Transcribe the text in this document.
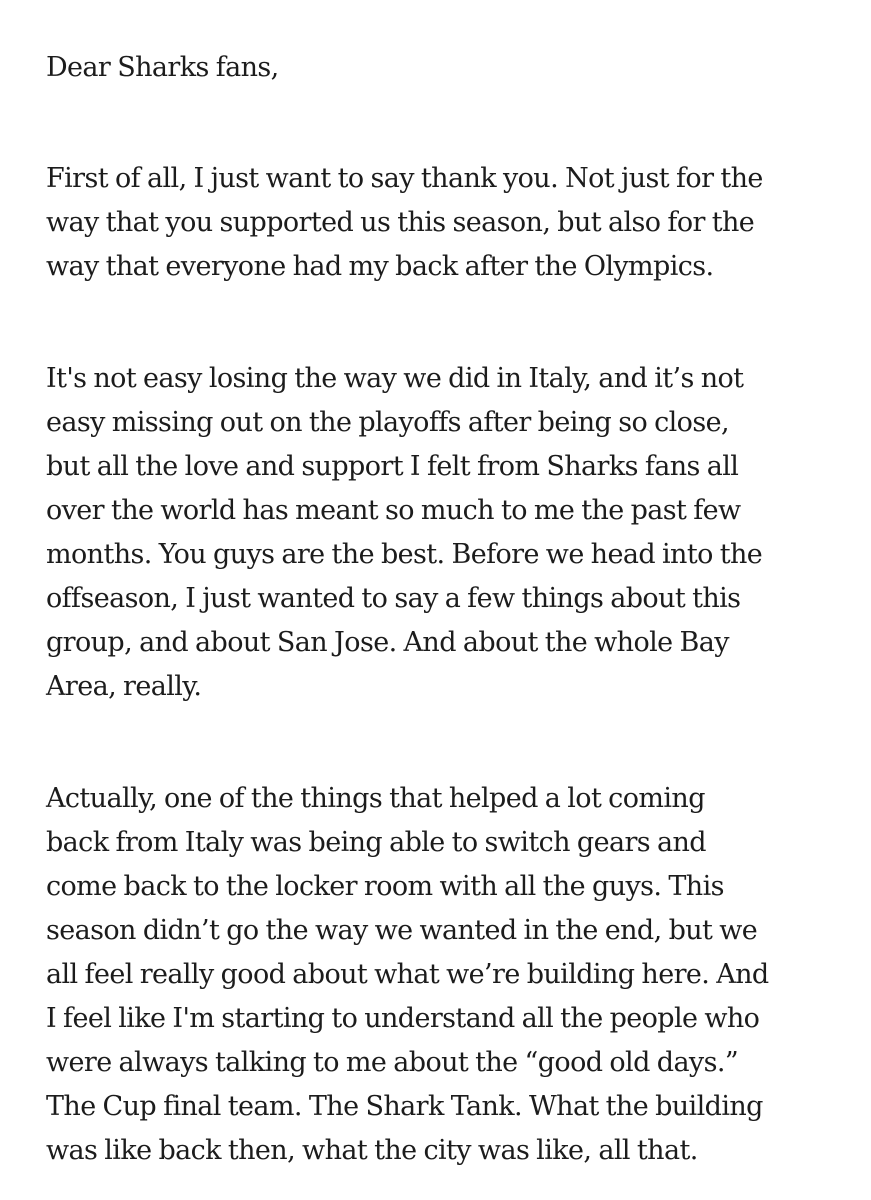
Dear Sharks fans,

First of all, I just want to say thank you. Not just for the

way that you supported us this season, but also for the

way that everyone had my back after the Olympics.

It's not easy losing the way we did in Italy, and it’s not

easy missing out on the playoffs after being so close,

but all the love and support I felt from Sharks fans all

over the world has meant so much to me the past few

months. You guys are the best. Before we head into the

offseason, I just wanted to say a few things about this

group, and about San Jose. And about the whole Bay

Area, really.

Actually, one of the things that helped a lot coming

back from Italy was being able to switch gears and

come back to the locker room with all the guys. This

season didn’t go the way we wanted in the end, but we

all feel really good about what we’re building here. And

I feel like I'm starting to understand all the people who

were always talking to me about the “good old days.”

The Cup final team. The Shark Tank. What the building

was like back then, what the city was like, all that.
